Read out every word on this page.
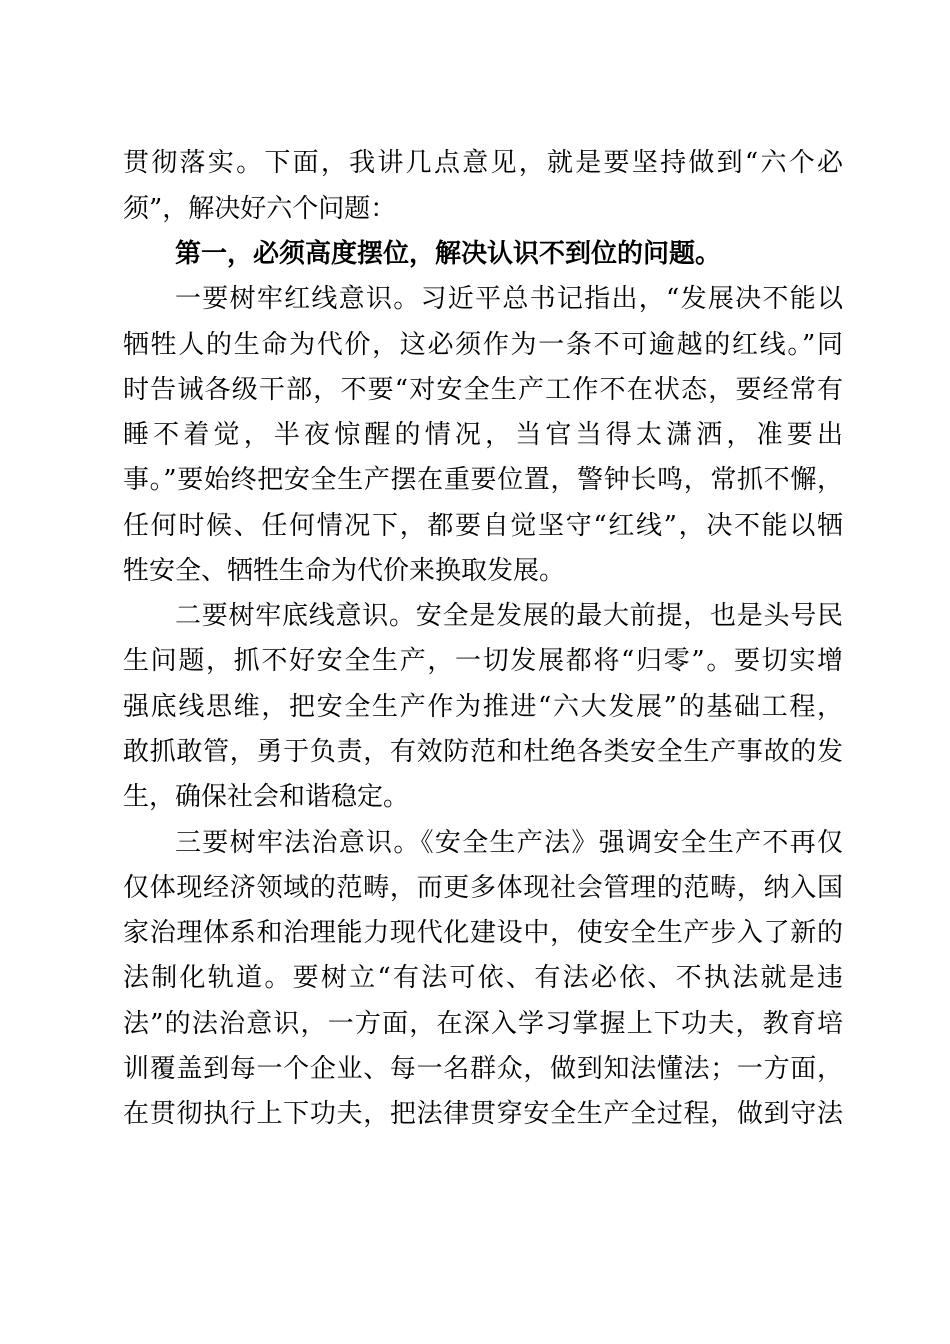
贯彻落实。下面，我讲几点意见，就是要坚持做到“六个必
须”，解决好六个问题：
第一，必须高度摆位，解决认识不到位的问题。
一要树牢红线意识。习近平总书记指出，“发展决不能以
牺牲人的生命为代价，这必须作为一条不可逾越的红线。”同
时告诫各级干部，不要“对安全生产工作不在状态，要经常有
睡不着觉，半夜惊醒的情况，当官当得太潇洒，准要出
事。”要始终把安全生产摆在重要位置，警钟长鸣，常抓不懈，
任何时候、任何情况下，都要自觉坚守“红线”，决不能以牺
牲安全、牺牲生命为代价来换取发展。
二要树牢底线意识。安全是发展的最大前提，也是头号民
生问题，抓不好安全生产，一切发展都将“归零”。要切实增
强底线思维，把安全生产作为推进“六大发展”的基础工程，
敢抓敢管，勇于负责，有效防范和杜绝各类安全生产事故的发
生，确保社会和谐稳定。
三要树牢法治意识。《安全生产法》强调安全生产不再仅
仅体现经济领域的范畴，而更多体现社会管理的范畴，纳入国
家治理体系和治理能力现代化建设中，使安全生产步入了新的
法制化轨道。要树立“有法可依、有法必依、不执法就是违
法”的法治意识，一方面，在深入学习掌握上下功夫，教育培
训覆盖到每一个企业、每一名群众，做到知法懂法；一方面，
在贯彻执行上下功夫，把法律贯穿安全生产全过程，做到守法
